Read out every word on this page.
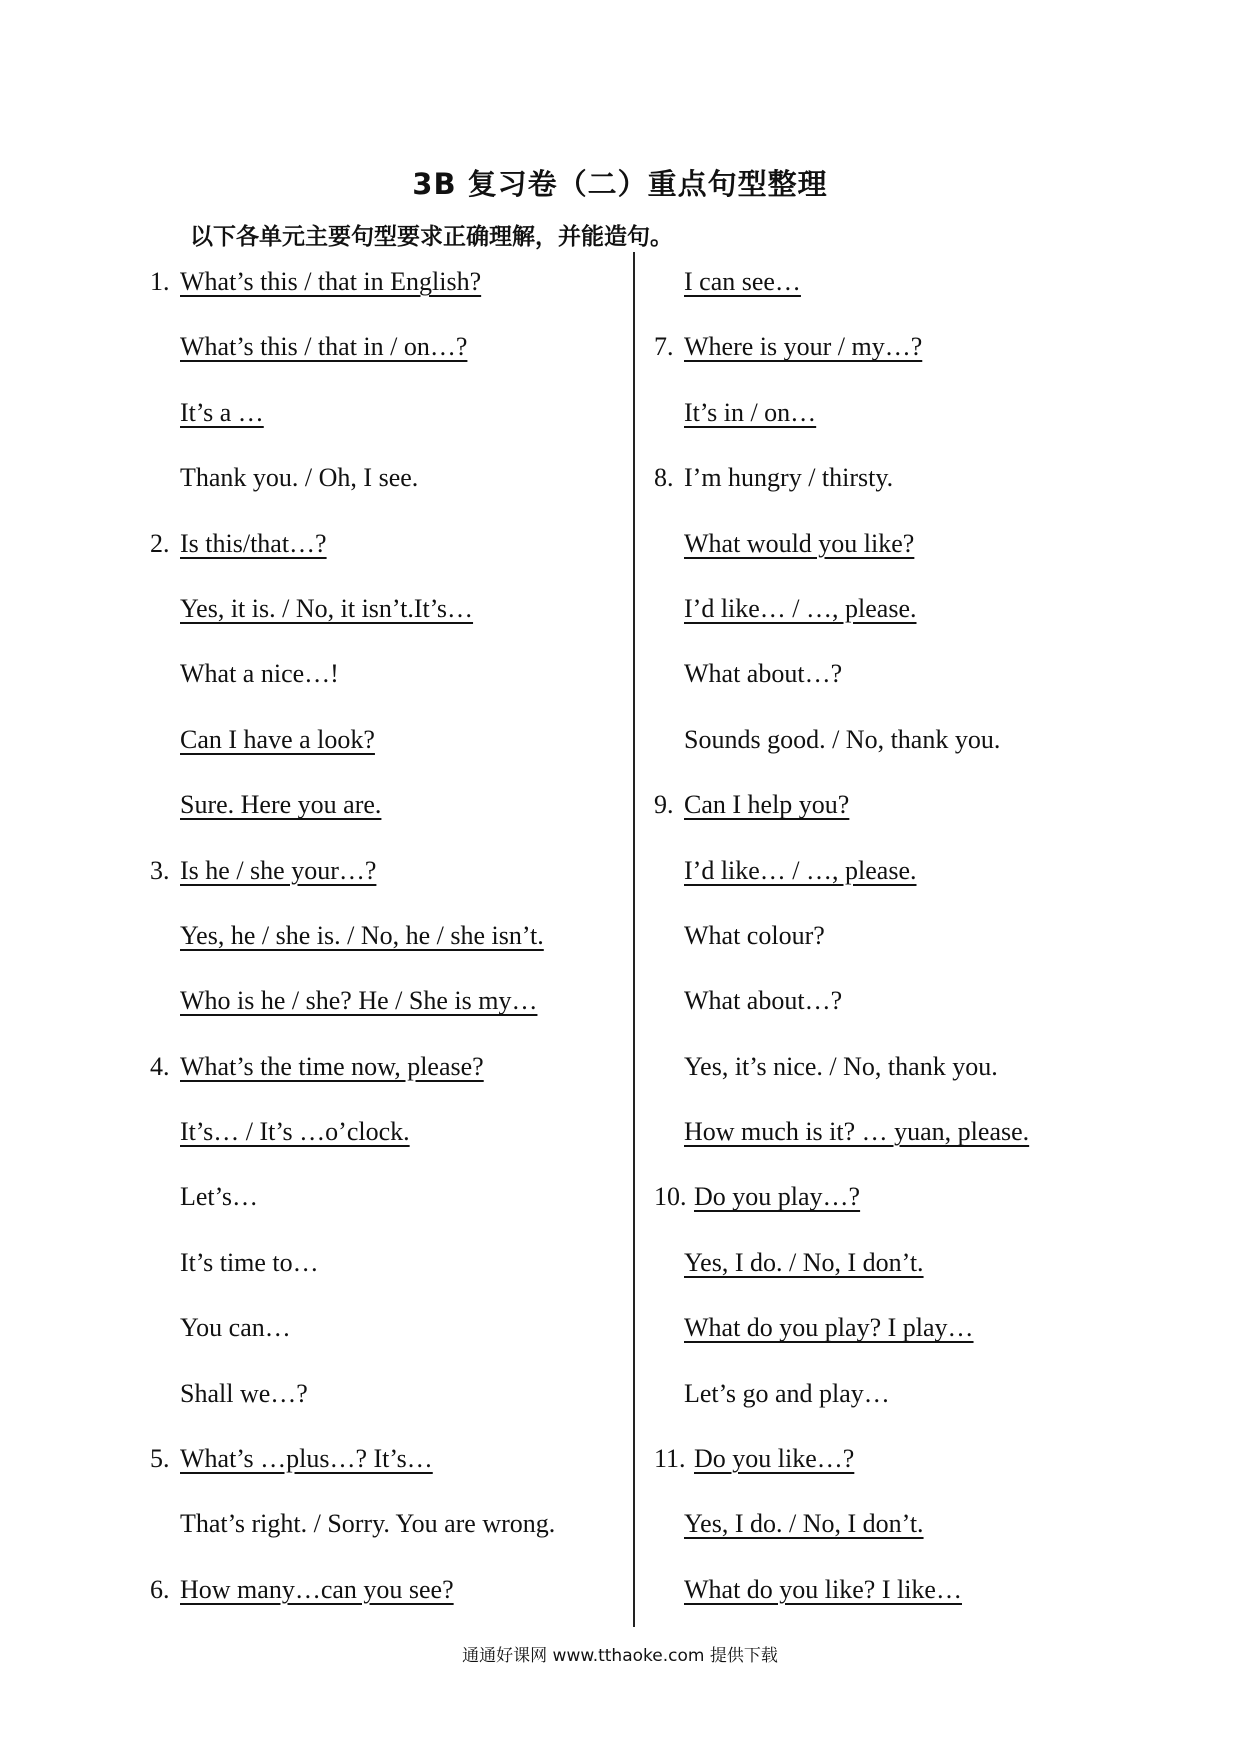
3B 复习卷（二）重点句型整理
以下各单元主要句型要求正确理解，并能造句。
1. What’s this / that in English?
What’s this / that in / on…?
It’s a …
Thank you. / Oh, I see.
2. Is this/that…?
Yes, it is. / No, it isn’t.It’s…
What a nice…!
Can I have a look?
Sure. Here you are.
3. Is he / she your…?
Yes, he / she is. / No, he / she isn’t.
Who is he / she? He / She is my…
4. What’s the time now, please?
It’s… / It’s …o’clock.
Let’s…
It’s time to…
You can…
Shall we…?
5. What’s …plus…? It’s…
That’s right. / Sorry. You are wrong.
6. How many…can you see?
I can see…
7. Where is your / my…?
It’s in / on…
8. I’m hungry / thirsty.
What would you like?
I’d like… / …, please.
What about…?
Sounds good. / No, thank you.
9. Can I help you?
I’d like… / …, please.
What colour?
What about…?
Yes, it’s nice. / No, thank you.
How much is it? … yuan, please.
10. Do you play…?
Yes, I do. / No, I don’t.
What do you play? I play…
Let’s go and play…
11. Do you like…?
Yes, I do. / No, I don’t.
What do you like? I like…
通通好课网 www.tthaoke.com 提供下载
